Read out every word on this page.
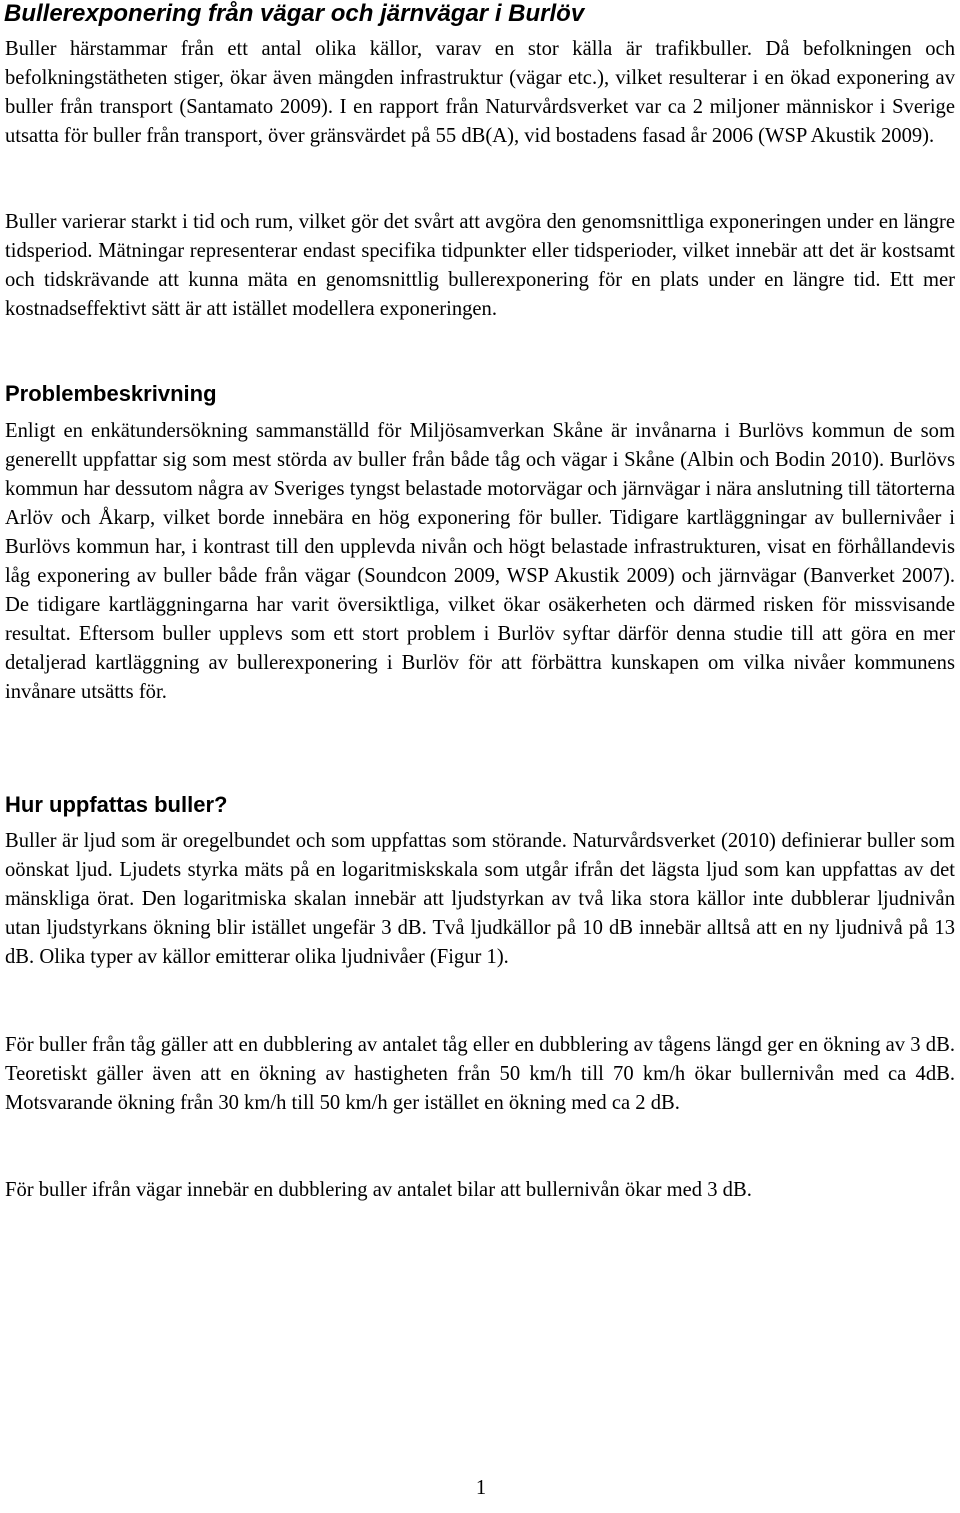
Bullerexponering från vägar och järnvägar i Burlöv

Buller härstammar från ett antal olika källor, varav en stor källa är trafikbuller. Då befolkningen och befolkningstätheten stiger, ökar även mängden infrastruktur (vägar etc.), vilket resulterar i en ökad exponering av buller från transport (Santamato 2009). I en rapport från Naturvårdsverket var ca 2 miljoner människor i Sverige utsatta för buller från transport, över gränsvärdet på 55 dB(A), vid bostadens fasad år 2006 (WSP Akustik 2009).

Buller varierar starkt i tid och rum, vilket gör det svårt att avgöra den genomsnittliga exponeringen under en längre tidsperiod. Mätningar representerar endast specifika tidpunkter eller tidsperioder, vilket innebär att det är kostsamt och tidskrävande att kunna mäta en genomsnittlig bullerexponering för en plats under en längre tid. Ett mer kostnadseffektivt sätt är att istället modellera exponeringen.

Problembeskrivning

Enligt en enkätundersökning sammanställd för Miljösamverkan Skåne är invånarna i Burlövs kommun de som generellt uppfattar sig som mest störda av buller från både tåg och vägar i Skåne (Albin och Bodin 2010). Burlövs kommun har dessutom några av Sveriges tyngst belastade motorvägar och järnvägar i nära anslutning till tätorterna Arlöv och Åkarp, vilket borde innebära en hög exponering för buller. Tidigare kartläggningar av bullernivåer i Burlövs kommun har, i kontrast till den upplevda nivån och högt belastade infrastrukturen, visat en förhållandevis låg exponering av buller både från vägar (Soundcon 2009, WSP Akustik 2009) och järnvägar (Banverket 2007). De tidigare kartläggningarna har varit översiktliga, vilket ökar osäkerheten och därmed risken för missvisande resultat. Eftersom buller upplevs som ett stort problem i Burlöv syftar därför denna studie till att göra en mer detaljerad kartläggning av bullerexponering i Burlöv för att förbättra kunskapen om vilka nivåer kommunens invånare utsätts för.

Hur uppfattas buller?

Buller är ljud som är oregelbundet och som uppfattas som störande. Naturvårdsverket (2010) definierar buller som oönskat ljud. Ljudets styrka mäts på en logaritmiskskala som utgår ifrån det lägsta ljud som kan uppfattas av det mänskliga örat. Den logaritmiska skalan innebär att ljudstyrkan av två lika stora källor inte dubblerar ljudnivån utan ljudstyrkans ökning blir istället ungefär 3 dB. Två ljudkällor på 10 dB innebär alltså att en ny ljudnivå på 13 dB. Olika typer av källor emitterar olika ljudnivåer (Figur 1).

För buller från tåg gäller att en dubblering av antalet tåg eller en dubblering av tågens längd ger en ökning av 3 dB. Teoretiskt gäller även att en ökning av hastigheten från 50 km/h till 70 km/h ökar bullernivån med ca 4dB. Motsvarande ökning från 30 km/h till 50 km/h ger istället en ökning med ca 2 dB.

För buller ifrån vägar innebär en dubblering av antalet bilar att bullernivån ökar med 3 dB.

1
